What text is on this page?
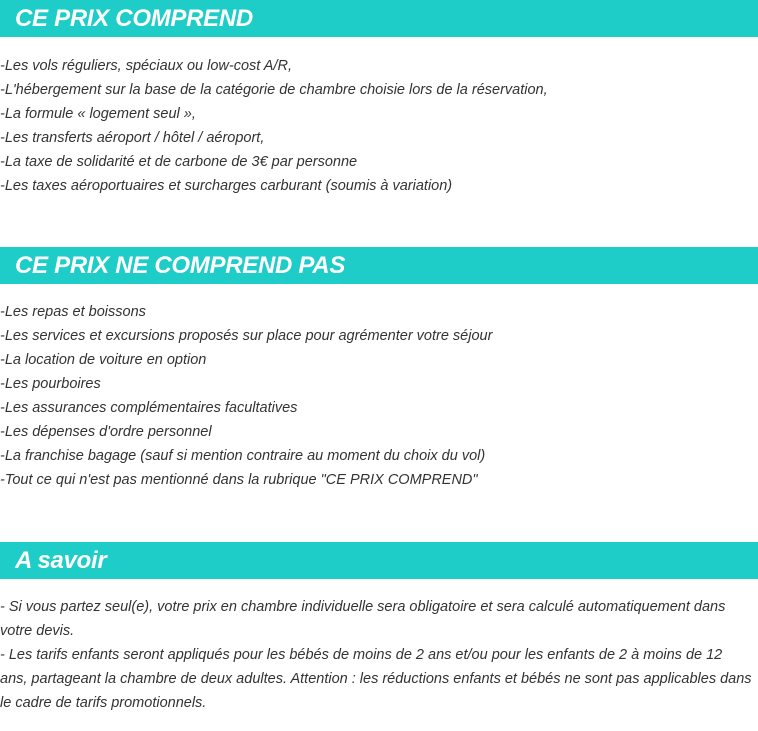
CE PRIX COMPREND

-Les vols réguliers, spéciaux ou low-cost A/R,

-L'hébergement sur la base de la catégorie de chambre choisie lors de la réservation,

-La formule « logement seul »,

-Les transferts aéroport / hôtel / aéroport,

-La taxe de solidarité et de carbone de 3€ par personne

-Les taxes aéroportuaires et surcharges carburant (soumis à variation)

CE PRIX NE COMPREND PAS

-Les repas et boissons

-Les services et excursions proposés sur place pour agrémenter votre séjour

-La location de voiture en option

-Les pourboires

-Les assurances complémentaires facultatives

-Les dépenses d'ordre personnel

-La franchise bagage (sauf si mention contraire au moment du choix du vol)

-Tout ce qui n'est pas mentionné dans la rubrique "CE PRIX COMPREND"

A savoir

- Si vous partez seul(e), votre prix en chambre individuelle sera obligatoire et sera calculé automatiquement dans votre devis.

- Les tarifs enfants seront appliqués pour les bébés de moins de 2 ans et/ou pour les enfants de 2 à moins de 12 ans, partageant la chambre de deux adultes. Attention : les réductions enfants et bébés ne sont pas applicables dans le cadre de tarifs promotionnels.
